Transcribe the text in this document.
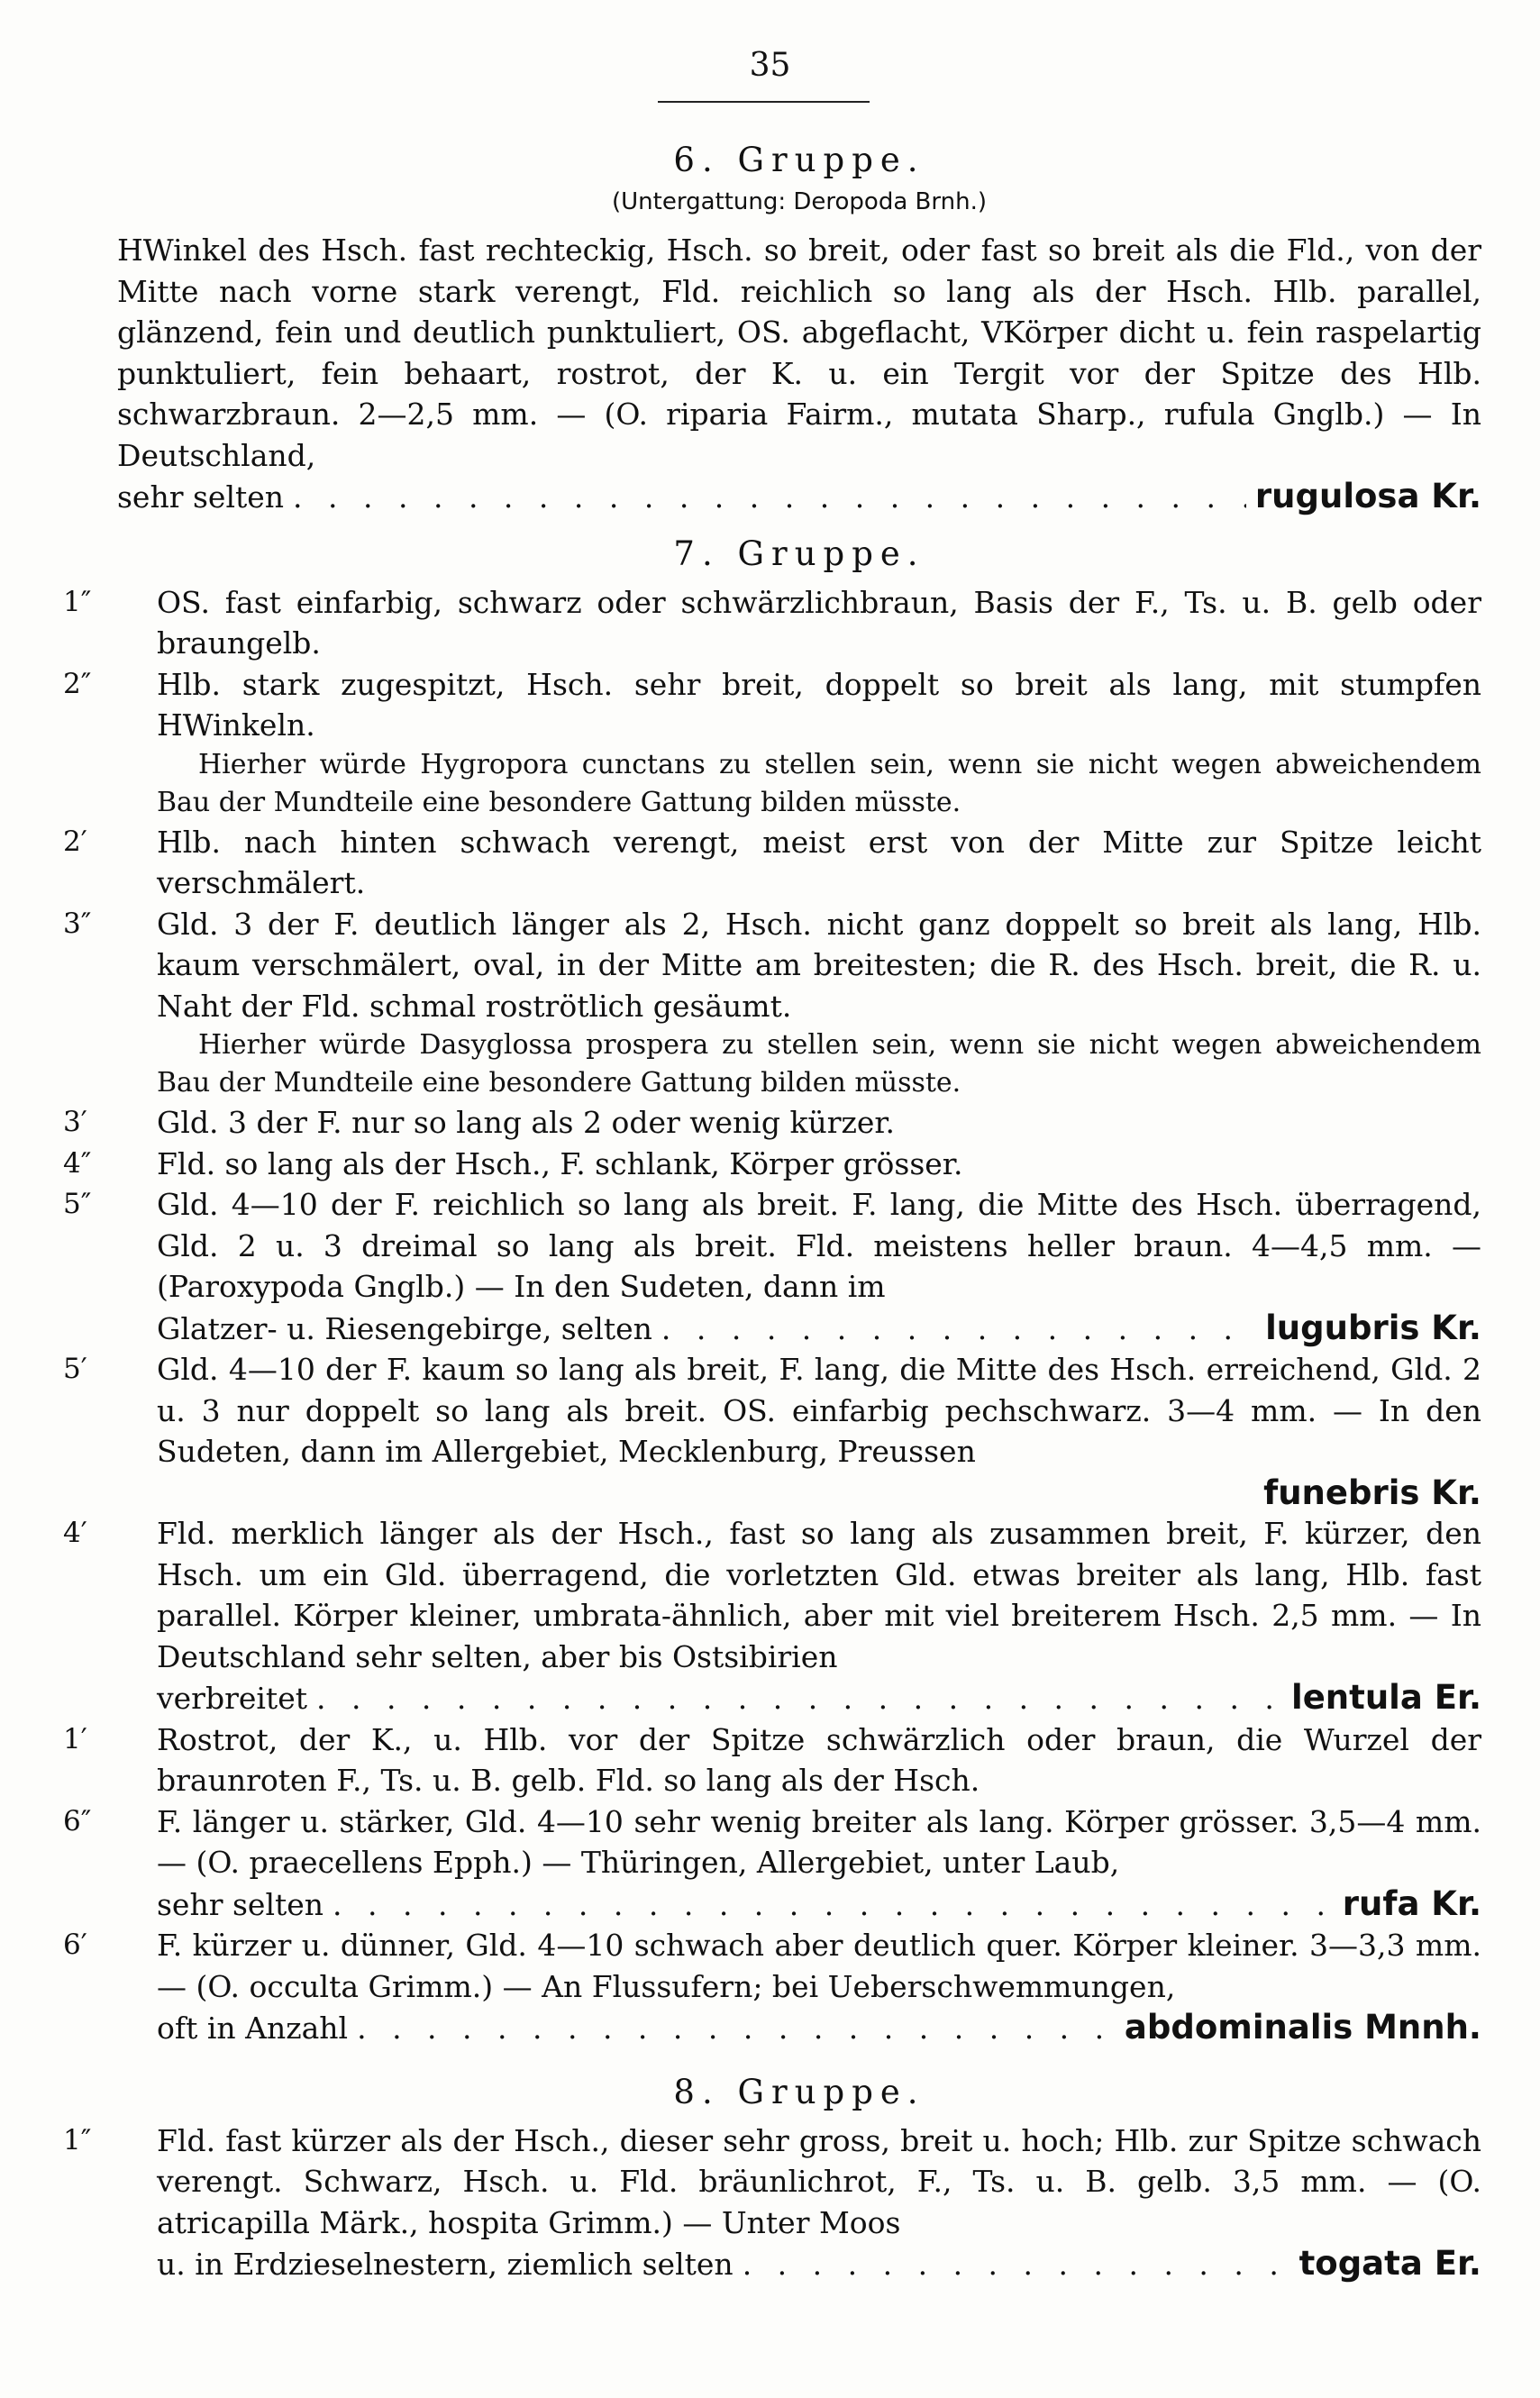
35
6. Gruppe.
(Untergattung: Deropoda Brnh.)

HWinkel des Hsch. fast rechteckig, Hsch. so breit, oder fast so breit als die Fld., von der Mitte nach vorne stark verengt, Fld. reichlich so lang als der Hsch. Hlb. parallel, glänzend, fein und deutlich punktuliert, OS. abgeflacht, VKörper dicht u. fein raspelartig punktuliert, fein behaart, rostrot, der K. u. ein Tergit vor der Spitze des Hlb. schwarzbraun. 2—2,5 mm. — (O. riparia Fairm., mutata Sharp., rufula Gnglb.) — In Deutschland,

sehr selten . . .	rugulosa Kr.
7. Gruppe.
1″	OS. fast einfarbig, schwarz oder schwärzlichbraun, Basis der F., Ts. u. B. gelb oder braungelb.
2″	Hlb. stark zugespitzt, Hsch. sehr breit, doppelt so breit als lang, mit stumpfen HWinkeln.

Hierher würde Hygropora cunctans zu stellen sein, wenn sie nicht wegen abweichendem Bau der Mundteile eine besondere Gattung bilden müsste.

2′	Hlb. nach hinten schwach verengt, meist erst von der Mitte zur Spitze leicht verschmälert.
3″	Gld. 3 der F. deutlich länger als 2, Hsch. nicht ganz doppelt so breit als lang, Hlb. kaum verschmälert, oval, in der Mitte am breitesten; die R. des Hsch. breit, die R. u. Naht der Fld. schmal roströtlich gesäumt.

Hierher würde Dasyglossa prospera zu stellen sein, wenn sie nicht wegen abweichendem Bau der Mundteile eine besondere Gattung bilden müsste.

3′	Gld. 3 der F. nur so lang als 2 oder wenig kürzer.
4″	Fld. so lang als der Hsch., F. schlank, Körper grösser.
5″	Gld. 4—10 der F. reichlich so lang als breit. F. lang, die Mitte des Hsch. überragend, Gld. 2 u. 3 dreimal so lang als breit. Fld. meistens heller braun. 4—4,5 mm. — (Paroxypoda Gnglb.) — In den Sudeten, dann im
Glatzer- u. Riesengebirge, selten . . .	lugubris Kr.
5′	Gld. 4—10 der F. kaum so lang als breit, F. lang, die Mitte des Hsch. erreichend, Gld. 2 u. 3 nur doppelt so lang als breit. OS. einfarbig pechschwarz. 3—4 mm. — In den Sudeten, dann im Allergebiet, Mecklenburg, Preussen
funebris Kr.
4′	Fld. merklich länger als der Hsch., fast so lang als zusammen breit, F. kürzer, den Hsch. um ein Gld. überragend, die vorletzten Gld. etwas breiter als lang, Hlb. fast parallel. Körper kleiner, umbrata-ähnlich, aber mit viel breiterem Hsch. 2,5 mm. — In Deutschland sehr selten, aber bis Ostsibirien
verbreitet . . .	lentula Er.
1′	Rostrot, der K., u. Hlb. vor der Spitze schwärzlich oder braun, die Wurzel der braunroten F., Ts. u. B. gelb. Fld. so lang als der Hsch.
6″	F. länger u. stärker, Gld. 4—10 sehr wenig breiter als lang. Körper grösser. 3,5—4 mm. — (O. praecellens Epph.) — Thüringen, Allergebiet, unter Laub,
sehr selten . . .	rufa Kr.
6′	F. kürzer u. dünner, Gld. 4—10 schwach aber deutlich quer. Körper kleiner. 3—3,3 mm. — (O. occulta Grimm.) — An Flussufern; bei Ueberschwemmungen,
oft in Anzahl . . .	abdominalis Mnnh.
8. Gruppe.
1″	Fld. fast kürzer als der Hsch., dieser sehr gross, breit u. hoch; Hlb. zur Spitze schwach verengt. Schwarz, Hsch. u. Fld. bräunlichrot, F., Ts. u. B. gelb. 3,5 mm. — (O. atricapilla Märk., hospita Grimm.) — Unter Moos
u. in Erdzieselnestern, ziemlich selten . . .	togata Er.
